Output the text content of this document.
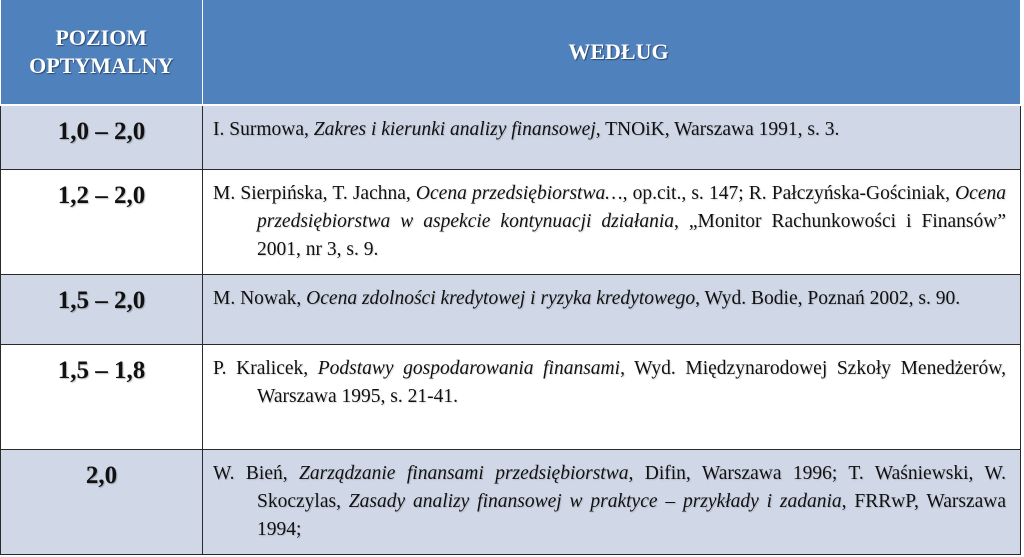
POZIOM OPTYMALNY	WEDŁUG
1,0 – 2,0	I. Surmowa, Zakres i kierunki analizy finansowej, TNOiK, Warszawa 1991, s. 3.

1,2 – 2,0	M. Sierpińska, T. Jachna, Ocena przedsiębiorstwa…, op.cit., s. 147; R. Pałczyńska-Gościniak, Ocena przedsiębiorstwa w aspekcie kontynuacji działania, „Monitor Rachunkowości i Finansów” 2001, nr 3, s. 9.

1,5 – 2,0	M. Nowak, Ocena zdolności kredytowej i ryzyka kredytowego, Wyd. Bodie, Poznań 2002, s. 90.

1,5 – 1,8	P. Kralicek, Podstawy gospodarowania finansami, Wyd. Międzynarodowej Szkoły Menedżerów, Warszawa 1995, s. 21-41.

2,0	W. Bień, Zarządzanie finansami przedsiębiorstwa, Difin, Warszawa 1996; T. Waśniewski, W. Skoczylas, Zasady analizy finansowej w praktyce – przykłady i zadania, FRRwP, Warszawa 1994;
